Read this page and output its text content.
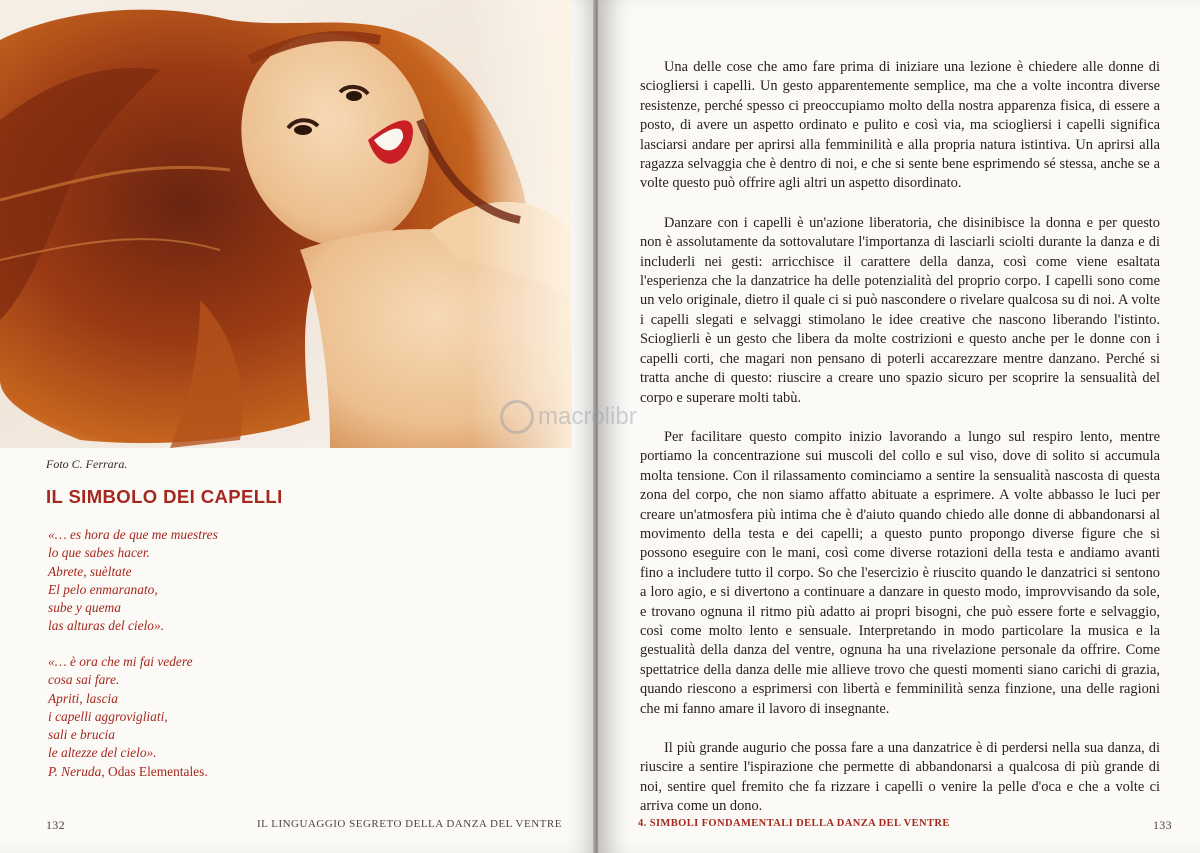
Foto C. Ferrara.
IL SIMBOLO DEI CAPELLI
«… es hora de que me muestres
lo que sabes hacer.
Abrete, suèltate
El pelo enmaranato,
sube y quema
las alturas del cielo».
«… è ora che mi fai vedere
cosa sai fare.
Apriti, lascia
i capelli aggrovigliati,
sali e brucia
le altezze del cielo».
P. Neruda, Odas Elementales.
132	IL LINGUAGGIO SEGRETO DELLA DANZA DEL VENTRE

Una delle cose che amo fare prima di iniziare una lezione è chiedere alle donne di sciogliersi i capelli. Un gesto apparentemente semplice, ma che a volte incontra diverse resistenze, perché spesso ci preoccupiamo molto della nostra apparenza fisica, di essere a posto, di avere un aspetto ordinato e pulito e così via, ma sciogliersi i capelli significa lasciarsi andare per aprirsi alla femminilità e alla propria natura istintiva. Un aprirsi alla ragazza selvaggia che è dentro di noi, e che si sente bene esprimendo sé stessa, anche se a volte questo può offrire agli altri un aspetto disordinato.

Danzare con i capelli è un'azione liberatoria, che disinibisce la donna e per questo non è assolutamente da sottovalutare l'importanza di lasciarli sciolti durante la danza e di includerli nei gesti: arricchisce il carattere della danza, così come viene esaltata l'esperienza che la danzatrice ha delle potenzialità del proprio corpo. I capelli sono come un velo originale, dietro il quale ci si può nascondere o rivelare qualcosa su di noi. A volte i capelli slegati e selvaggi stimolano le idee creative che nascono liberando l'istinto. Scioglierli è un gesto che libera da molte costrizioni e questo anche per le donne con i capelli corti, che magari non pensano di poterli accarezzare mentre danzano. Perché si tratta anche di questo: riuscire a creare uno spazio sicuro per scoprire la sensualità del corpo e superare molti tabù.

Per facilitare questo compito inizio lavorando a lungo sul respiro lento, mentre portiamo la concentrazione sui muscoli del collo e sul viso, dove di solito si accumula molta tensione. Con il rilassamento cominciamo a sentire la sensualità nascosta di questa zona del corpo, che non siamo affatto abituate a esprimere. A volte abbasso le luci per creare un'atmosfera più intima che è d'aiuto quando chiedo alle donne di abbandonarsi al movimento della testa e dei capelli; a questo punto propongo diverse figure che si possono eseguire con le mani, così come diverse rotazioni della testa e andiamo avanti fino a includere tutto il corpo. So che l'esercizio è riuscito quando le danzatrici si sentono a loro agio, e si divertono a continuare a danzare in questo modo, improvvisando da sole, e trovano ognuna il ritmo più adatto ai propri bisogni, che può essere forte e selvaggio, così come molto lento e sensuale. Interpretando in modo particolare la musica e la gestualità della danza del ventre, ognuna ha una rivelazione personale da offrire. Come spettatrice della danza delle mie allieve trovo che questi momenti siano carichi di grazia, quando riescono a esprimersi con libertà e femminilità senza finzione, una delle ragioni che mi fanno amare il lavoro di insegnante.

Il più grande augurio che possa fare a una danzatrice è di perdersi nella sua danza, di riuscire a sentire l'ispirazione che permette di abbandonarsi a qualcosa di più grande di noi, sentire quel fremito che fa rizzare i capelli o venire la pelle d'oca e che a volte ci arriva come un dono.

4. SIMBOLI FONDAMENTALI DELLA DANZA DEL VENTRE	133
macrolibr
